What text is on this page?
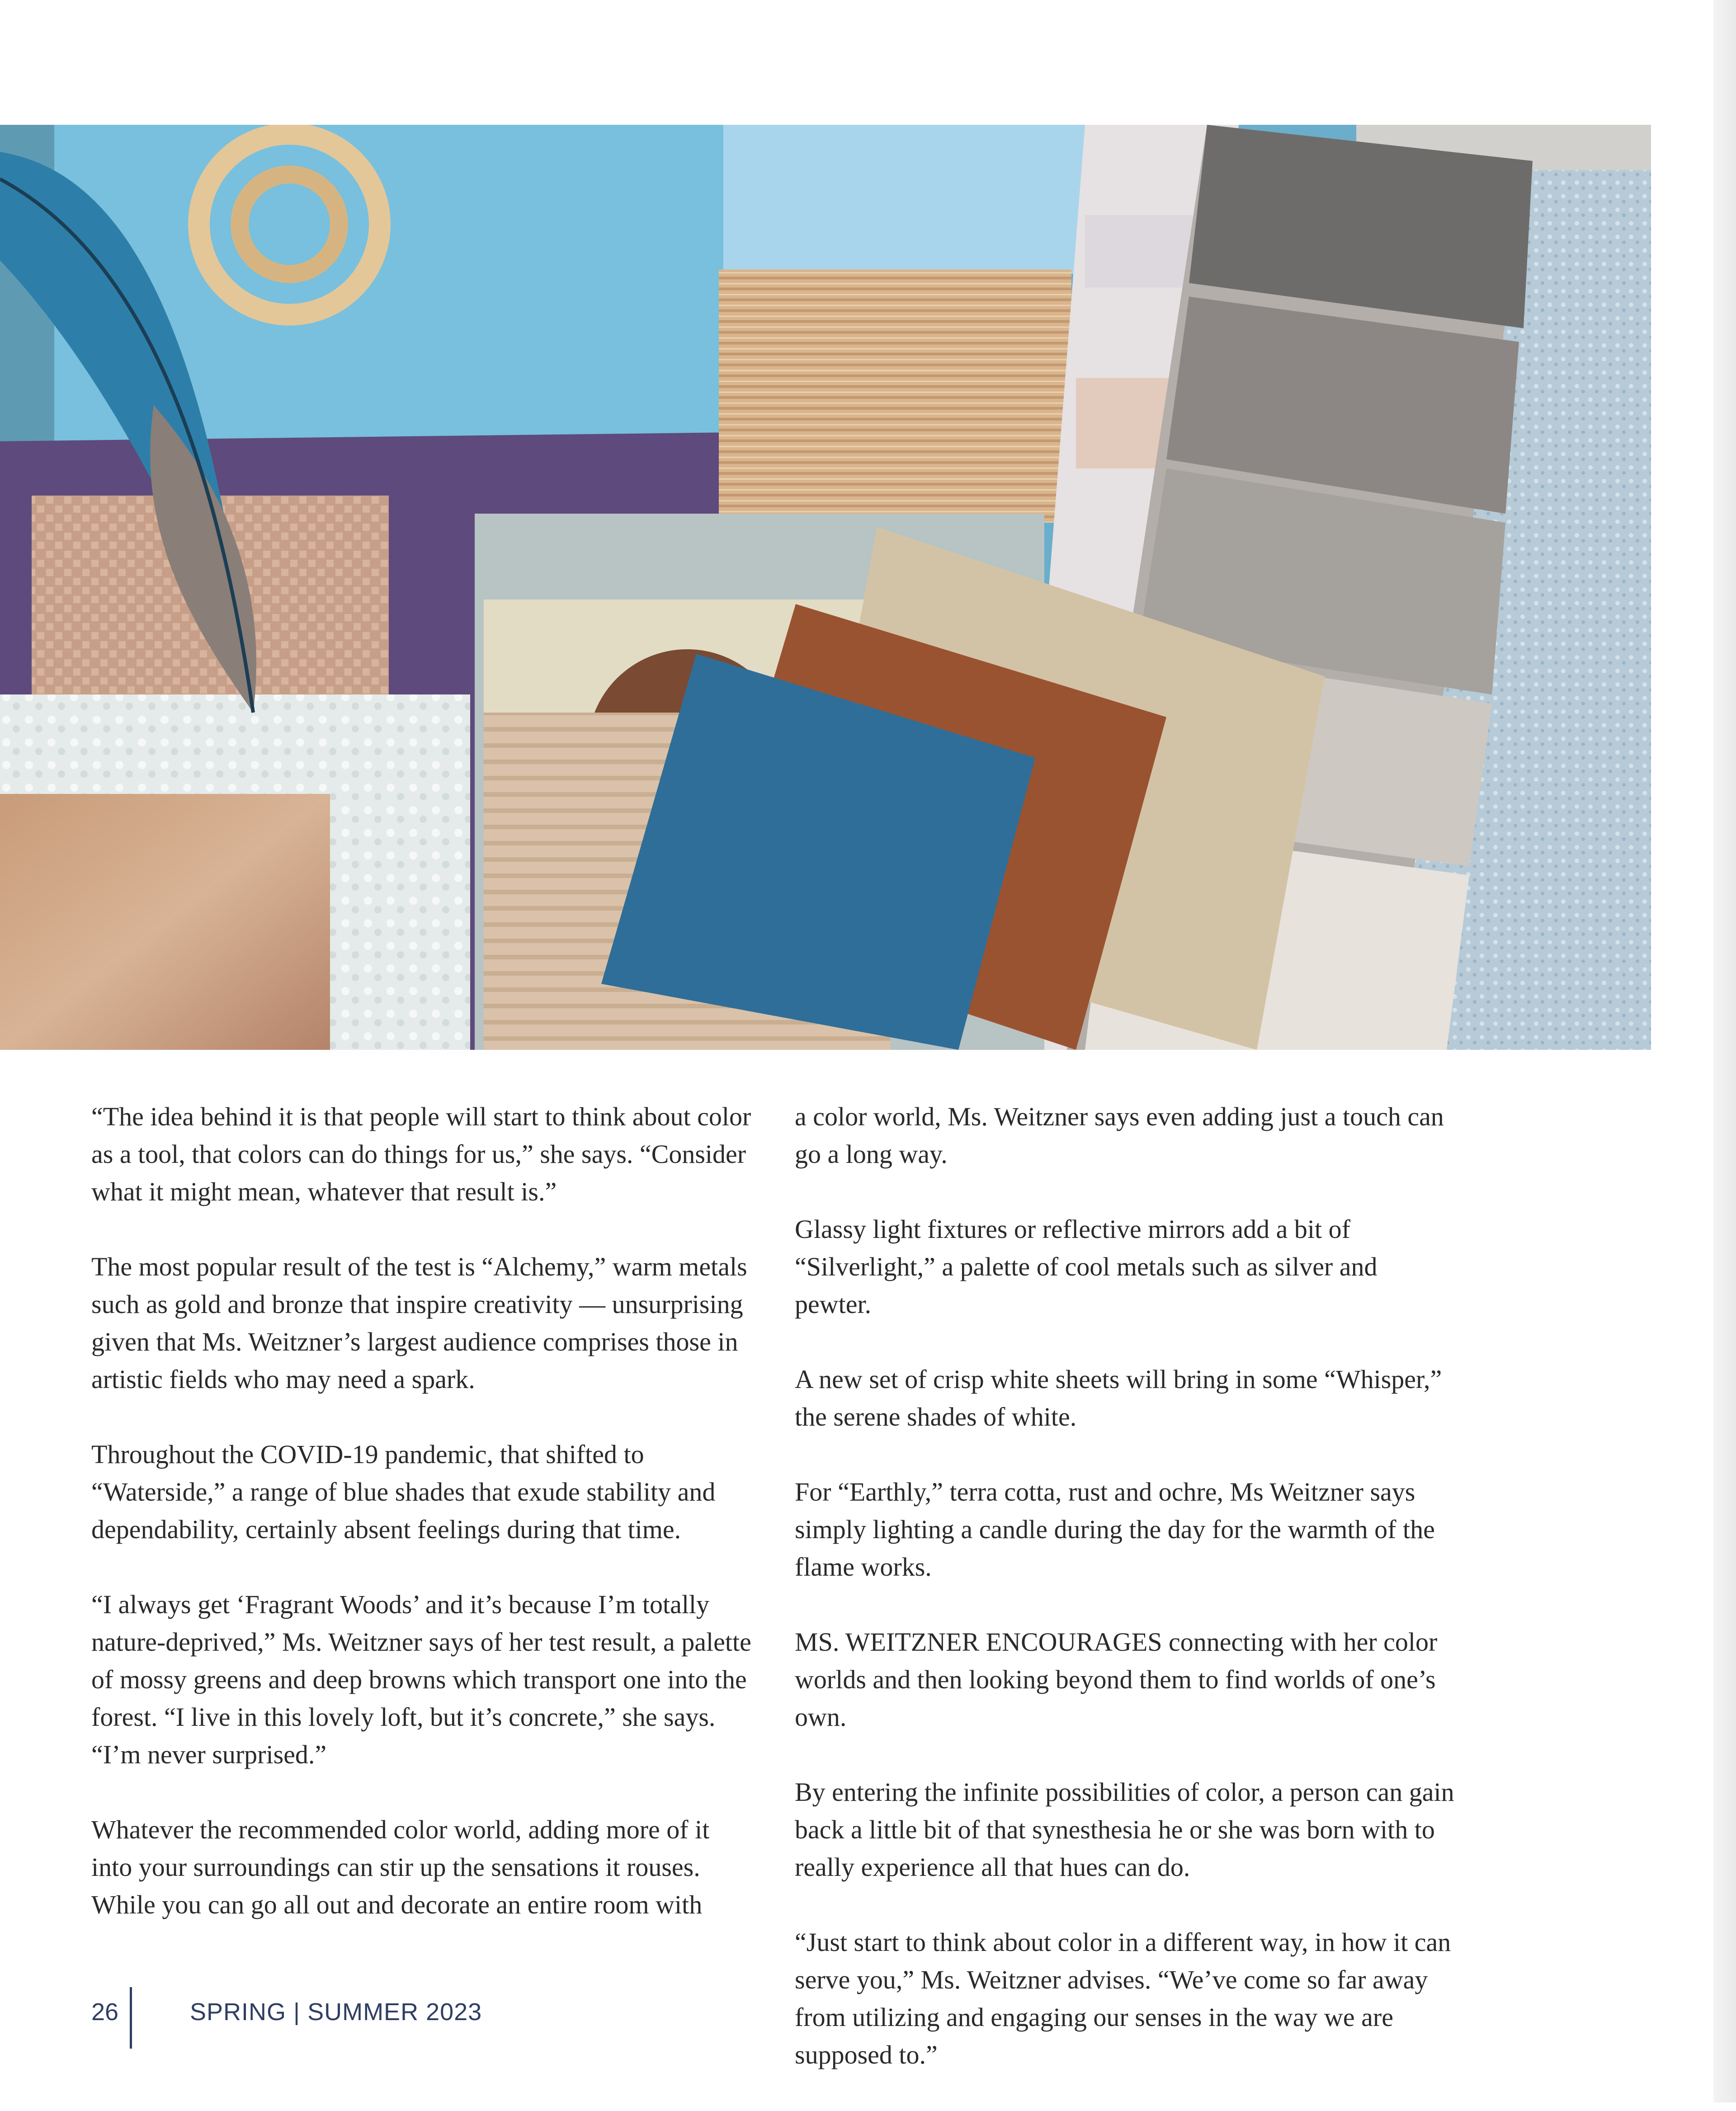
“The idea behind it is that people will start to think about color as a tool, that colors can do things for us,” she says. “Consider what it might mean, whatever that result is.”

The most popular result of the test is “Alchemy,” warm metals such as gold and bronze that inspire creativity — unsurprising given that Ms. Weitzner’s largest audience comprises those in artistic fields who may need a spark.

Throughout the COVID-19 pandemic, that shifted to “Waterside,” a range of blue shades that exude stability and dependability, certainly absent feelings during that time.

“I always get ‘Fragrant Woods’ and it’s because I’m totally nature-deprived,” Ms. Weitzner says of her test result, a palette of mossy greens and deep browns which transport one into the forest. “I live in this lovely loft, but it’s concrete,” she says. “I’m never surprised.”

Whatever the recommended color world, adding more of it into your surroundings can stir up the sensations it rouses. While you can go all out and decorate an entire room with

a color world, Ms. Weitzner says even adding just a touch can go a long way.

Glassy light fixtures or reflective mirrors add a bit of “Silverlight,” a palette of cool metals such as silver and pewter.

A new set of crisp white sheets will bring in some “Whisper,” the serene shades of white.

For “Earthly,” terra cotta, rust and ochre, Ms Weitzner says simply lighting a candle during the day for the warmth of the flame works.

MS. WEITZNER ENCOURAGES connecting with her color worlds and then looking beyond them to find worlds of one’s own.

By entering the infinite possibilities of color, a person can gain back a little bit of that synesthesia he or she was born with to really experience all that hues can do.

“Just start to think about color in a different way, in how it can serve you,” Ms. Weitzner advises. “We’ve come so far away from utilizing and engaging our senses in the way we are supposed to.”

26	SPRING | SUMMER 2023
